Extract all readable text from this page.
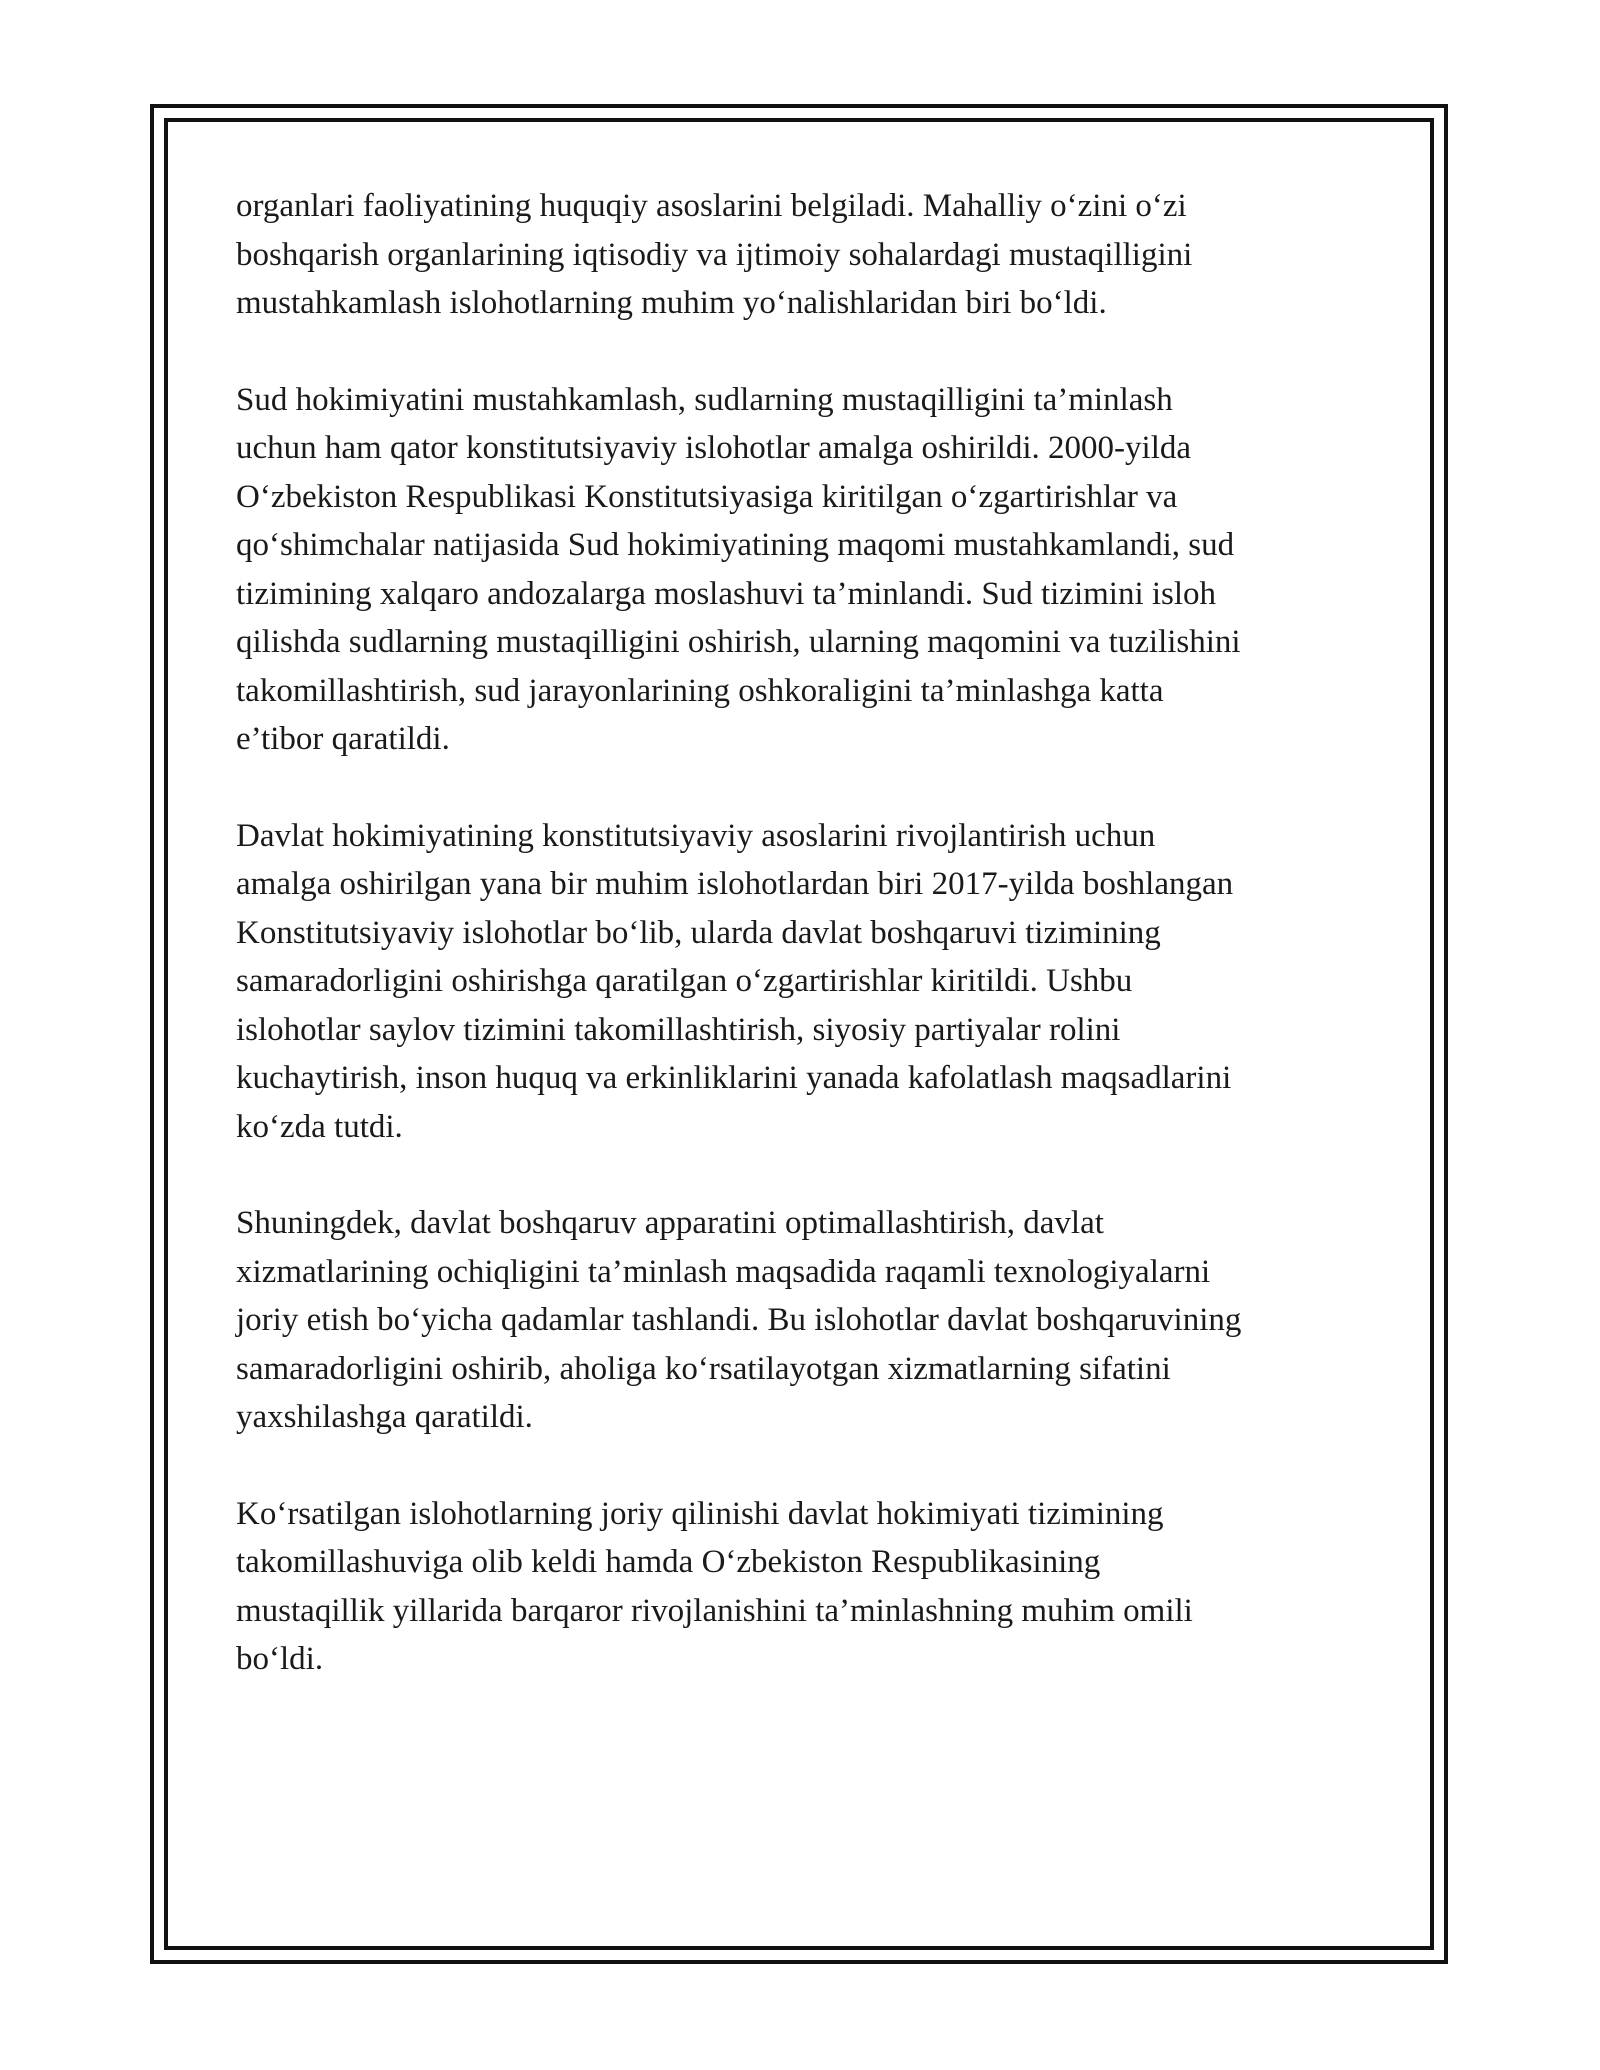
organlari faoliyatining huquqiy asoslarini belgiladi. Mahalliy o‘zini o‘zi
boshqarish organlarining iqtisodiy va ijtimoiy sohalardagi mustaqilligini
mustahkamlash islohotlarning muhim yo‘nalishlaridan biri bo‘ldi.

Sud hokimiyatini mustahkamlash, sudlarning mustaqilligini ta’minlash
uchun ham qator konstitutsiyaviy islohotlar amalga oshirildi. 2000-yilda
O‘zbekiston Respublikasi Konstitutsiyasiga kiritilgan o‘zgartirishlar va
qo‘shimchalar natijasida Sud hokimiyatining maqomi mustahkamlandi, sud
tizimining xalqaro andozalarga moslashuvi ta’minlandi. Sud tizimini isloh
qilishda sudlarning mustaqilligini oshirish, ularning maqomini va tuzilishini
takomillashtirish, sud jarayonlarining oshkoraligini ta’minlashga katta
e’tibor qaratildi.

Davlat hokimiyatining konstitutsiyaviy asoslarini rivojlantirish uchun
amalga oshirilgan yana bir muhim islohotlardan biri 2017-yilda boshlangan
Konstitutsiyaviy islohotlar bo‘lib, ularda davlat boshqaruvi tizimining
samaradorligini oshirishga qaratilgan o‘zgartirishlar kiritildi. Ushbu
islohotlar saylov tizimini takomillashtirish, siyosiy partiyalar rolini
kuchaytirish, inson huquq va erkinliklarini yanada kafolatlash maqsadlarini
ko‘zda tutdi.

Shuningdek, davlat boshqaruv apparatini optimallashtirish, davlat
xizmatlarining ochiqligini ta’minlash maqsadida raqamli texnologiyalarni
joriy etish bo‘yicha qadamlar tashlandi. Bu islohotlar davlat boshqaruvining
samaradorligini oshirib, aholiga ko‘rsatilayotgan xizmatlarning sifatini
yaxshilashga qaratildi.

Ko‘rsatilgan islohotlarning joriy qilinishi davlat hokimiyati tizimining
takomillashuviga olib keldi hamda O‘zbekiston Respublikasining
mustaqillik yillarida barqaror rivojlanishini ta’minlashning muhim omili
bo‘ldi.
